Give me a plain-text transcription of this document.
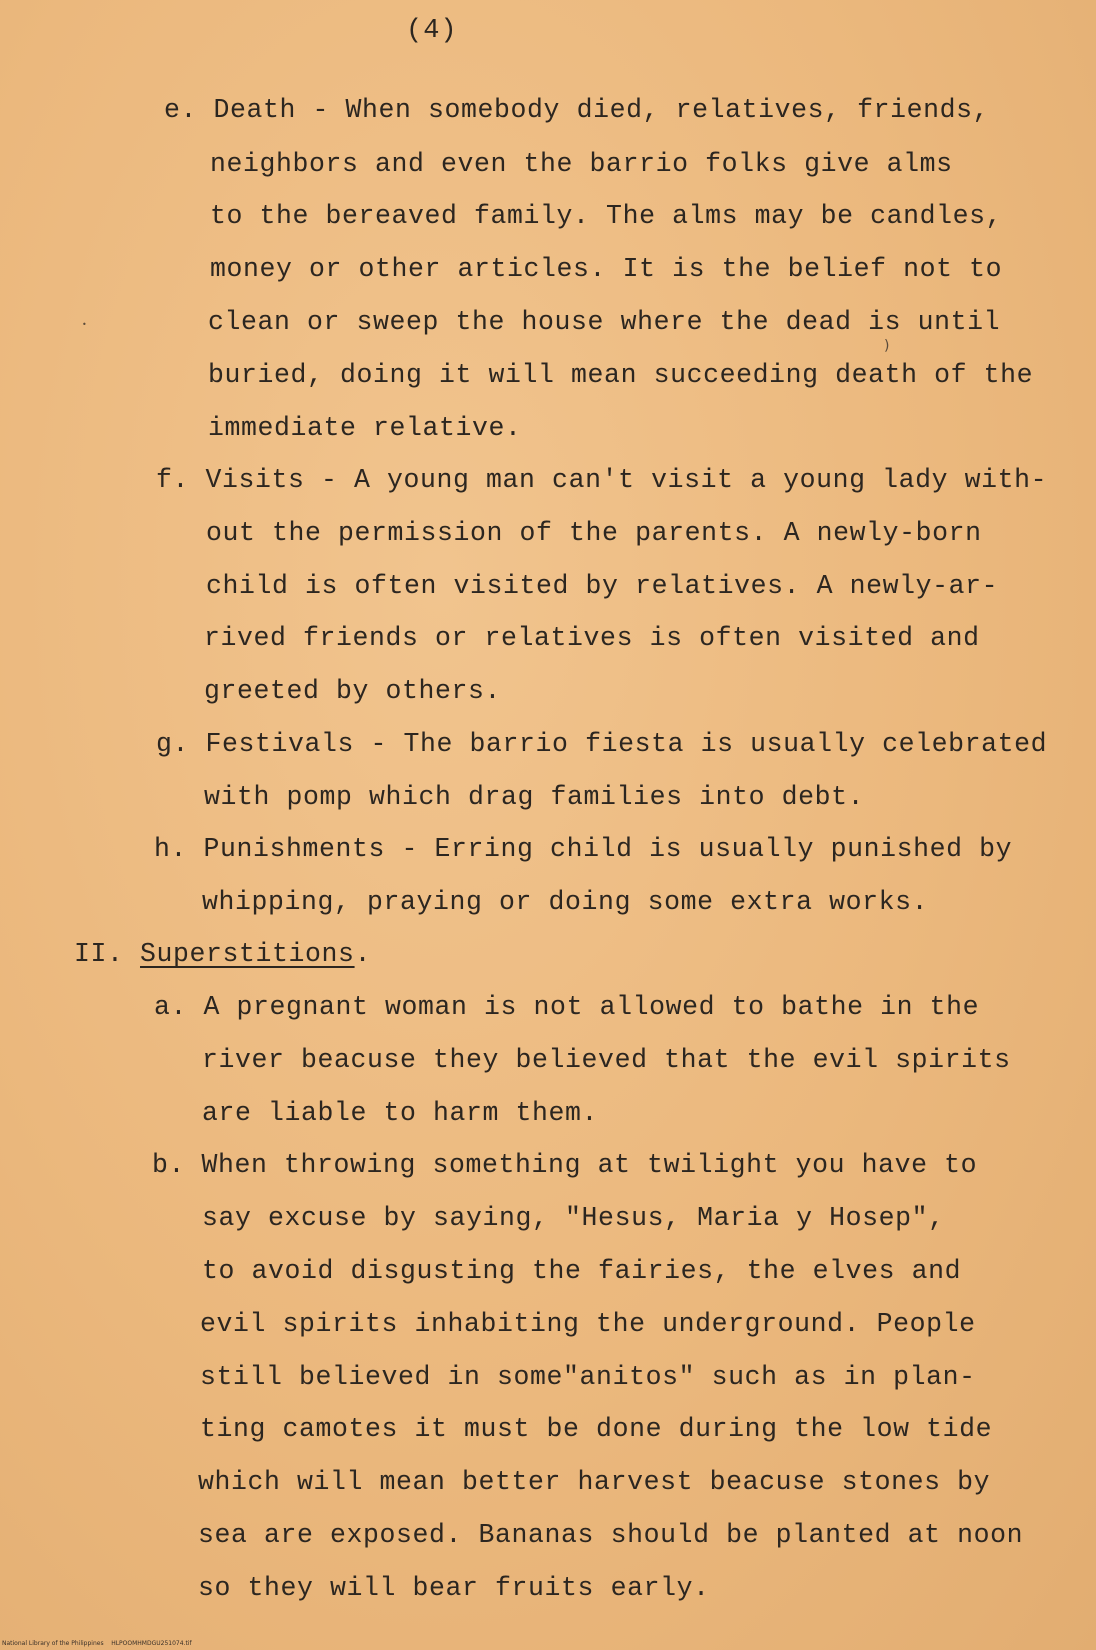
(4)
e. Death - When somebody died, relatives, friends,
neighbors and even the barrio folks give alms
to the bereaved family. The alms may be candles,
money or other articles. It is the belief not to
clean or sweep the house where the dead is until
buried, doing it will mean succeeding death of the
immediate relative.
f. Visits - A young man can't visit a young lady with-
out the permission of the parents. A newly-born
child is often visited by relatives. A newly-ar-
rived friends or relatives is often visited and
greeted by others.
g. Festivals - The barrio fiesta is usually celebrated
with pomp which drag families into debt.
h. Punishments - Erring child is usually punished by
whipping, praying or doing some extra works.
II. Superstitions.
a. A pregnant woman is not allowed to bathe in the
river beacuse they believed that the evil spirits
are liable to harm them.
b. When throwing something at twilight you have to
say excuse by saying, "Hesus, Maria y Hosep",
to avoid disgusting the fairies, the elves and
evil spirits inhabiting the underground. People
still believed in some"anitos" such as in plan-
ting camotes it must be done during the low tide
which will mean better harvest beacuse stones by
sea are exposed. Bananas should be planted at noon
so they will bear fruits early.
)
•
National Library of the Philippines    HLPOOMHMDGU251074.tif
